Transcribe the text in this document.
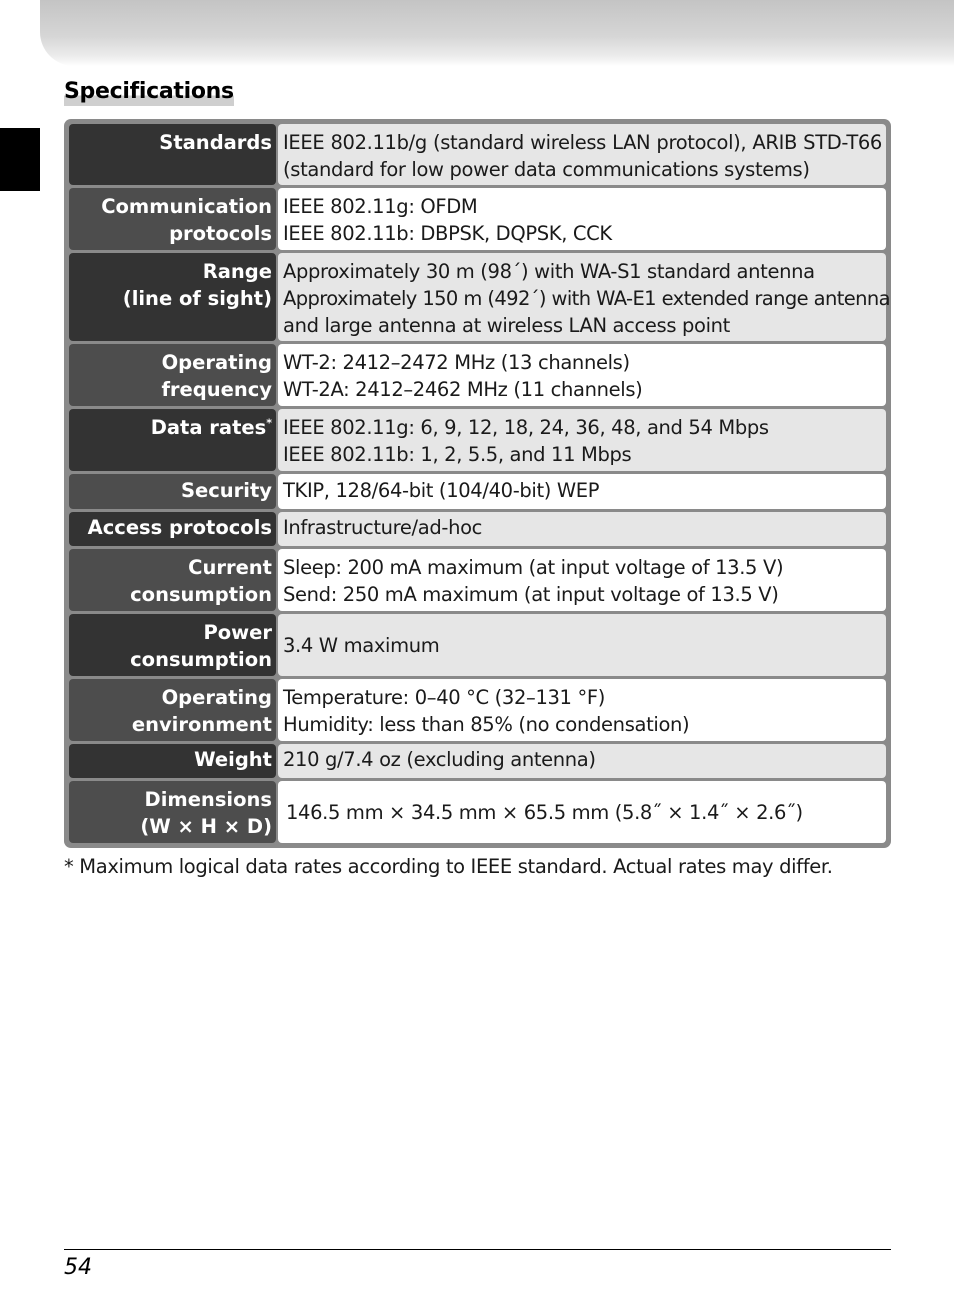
Specifications
Standards IEEE 802.11b/g (standard wireless LAN protocol), ARIB STD-T66
(standard for low power data communications systems)
Communication
protocols
IEEE 802.11g: OFDM
IEEE 802.11b: DBPSK, DQPSK, CCK
Range
(line of sight)
Approximately 30 m (98´) with WA-S1 standard antenna
Approximately 150 m (492´) with WA-E1 extended range antenna
and large antenna at wireless LAN access point
Operating
frequency
WT-2: 2412–2472 MHz (13 channels)
WT-2A: 2412–2462 MHz (11 channels)
Data rates* IEEE 802.11g: 6, 9, 12, 18, 24, 36, 48, and 54 Mbps
IEEE 802.11b: 1, 2, 5.5, and 11 Mbps
Security TKIP, 128/64-bit (104/40-bit) WEP
Access protocols Infrastructure/ad-hoc
Current
consumption
Sleep: 200 mA maximum (at input voltage of 13.5 V)
Send: 250 mA maximum (at input voltage of 13.5 V)
Power
consumption
3.4 W maximum
Operating
environment
Temperature: 0–40 °C (32–131 °F)
Humidity: less than 85% (no condensation)
Weight 210 g/7.4 oz (excluding antenna)
Dimensions
(W × H × D)
146.5 mm × 34.5 mm × 65.5 mm (5.8˝ × 1.4˝ × 2.6˝)
* Maximum logical data rates according to IEEE standard. Actual rates may differ.
54
